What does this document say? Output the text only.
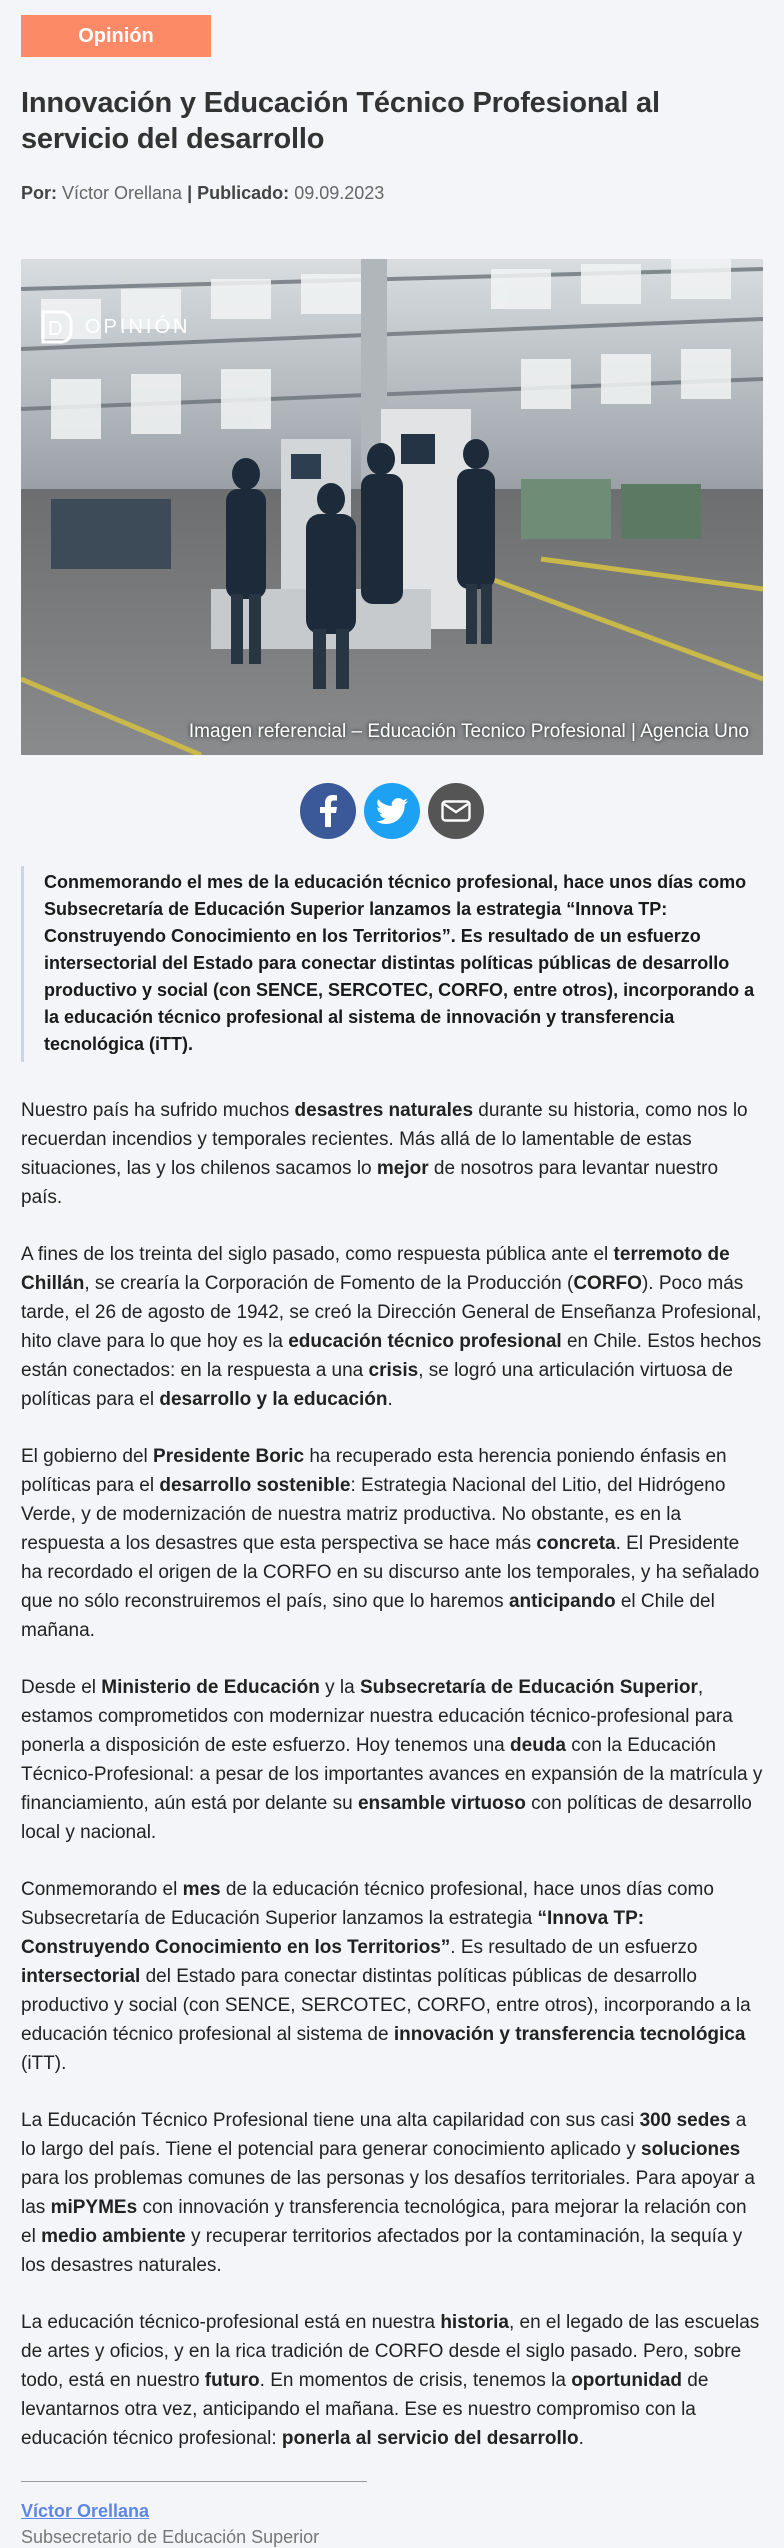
Opinión
Innovación y Educación Técnico Profesional al servicio del desarrollo
Por: Víctor Orellana | Publicado: 09.09.2023
D OPINIÓN
Imagen referencial – Educación Tecnico Profesional | Agencia Uno
Conmemorando el mes de la educación técnico profesional, hace unos días como Subsecretaría de Educación Superior lanzamos la estrategia “Innova TP: Construyendo Conocimiento en los Territorios”. Es resultado de un esfuerzo intersectorial del Estado para conectar distintas políticas públicas de desarrollo productivo y social (con SENCE, SERCOTEC, CORFO, entre otros), incorporando a la educación técnico profesional al sistema de innovación y transferencia tecnológica (iTT).

Nuestro país ha sufrido muchos desastres naturales durante su historia, como nos lo recuerdan incendios y temporales recientes. Más allá de lo lamentable de estas situaciones, las y los chilenos sacamos lo mejor de nosotros para levantar nuestro país.

A fines de los treinta del siglo pasado, como respuesta pública ante el terremoto de Chillán, se crearía la Corporación de Fomento de la Producción (CORFO). Poco más tarde, el 26 de agosto de 1942, se creó la Dirección General de Enseñanza Profesional, hito clave para lo que hoy es la educación técnico profesional en Chile. Estos hechos están conectados: en la respuesta a una crisis, se logró una articulación virtuosa de políticas para el desarrollo y la educación.

El gobierno del Presidente Boric ha recuperado esta herencia poniendo énfasis en políticas para el desarrollo sostenible: Estrategia Nacional del Litio, del Hidrógeno Verde, y de modernización de nuestra matriz productiva. No obstante, es en la respuesta a los desastres que esta perspectiva se hace más concreta. El Presidente ha recordado el origen de la CORFO en su discurso ante los temporales, y ha señalado que no sólo reconstruiremos el país, sino que lo haremos anticipando el Chile del mañana.

Desde el Ministerio de Educación y la Subsecretaría de Educación Superior, estamos comprometidos con modernizar nuestra educación técnico-profesional para ponerla a disposición de este esfuerzo. Hoy tenemos una deuda con la Educación Técnico-Profesional: a pesar de los importantes avances en expansión de la matrícula y financiamiento, aún está por delante su ensamble virtuoso con políticas de desarrollo local y nacional.

Conmemorando el mes de la educación técnico profesional, hace unos días como Subsecretaría de Educación Superior lanzamos la estrategia “Innova TP: Construyendo Conocimiento en los Territorios”. Es resultado de un esfuerzo intersectorial del Estado para conectar distintas políticas públicas de desarrollo productivo y social (con SENCE, SERCOTEC, CORFO, entre otros), incorporando a la educación técnico profesional al sistema de innovación y transferencia tecnológica (iTT).

La Educación Técnico Profesional tiene una alta capilaridad con sus casi 300 sedes a lo largo del país. Tiene el potencial para generar conocimiento aplicado y soluciones para los problemas comunes de las personas y los desafíos territoriales. Para apoyar a las miPYMEs con innovación y transferencia tecnológica, para mejorar la relación con el medio ambiente y recuperar territorios afectados por la contaminación, la sequía y los desastres naturales.

La educación técnico-profesional está en nuestra historia, en el legado de las escuelas de artes y oficios, y en la rica tradición de CORFO desde el siglo pasado. Pero, sobre todo, está en nuestro futuro. En momentos de crisis, tenemos la oportunidad de levantarnos otra vez, anticipando el mañana. Ese es nuestro compromiso con la educación técnico profesional: ponerla al servicio del desarrollo.

Víctor Orellana
Subsecretario de Educación Superior
